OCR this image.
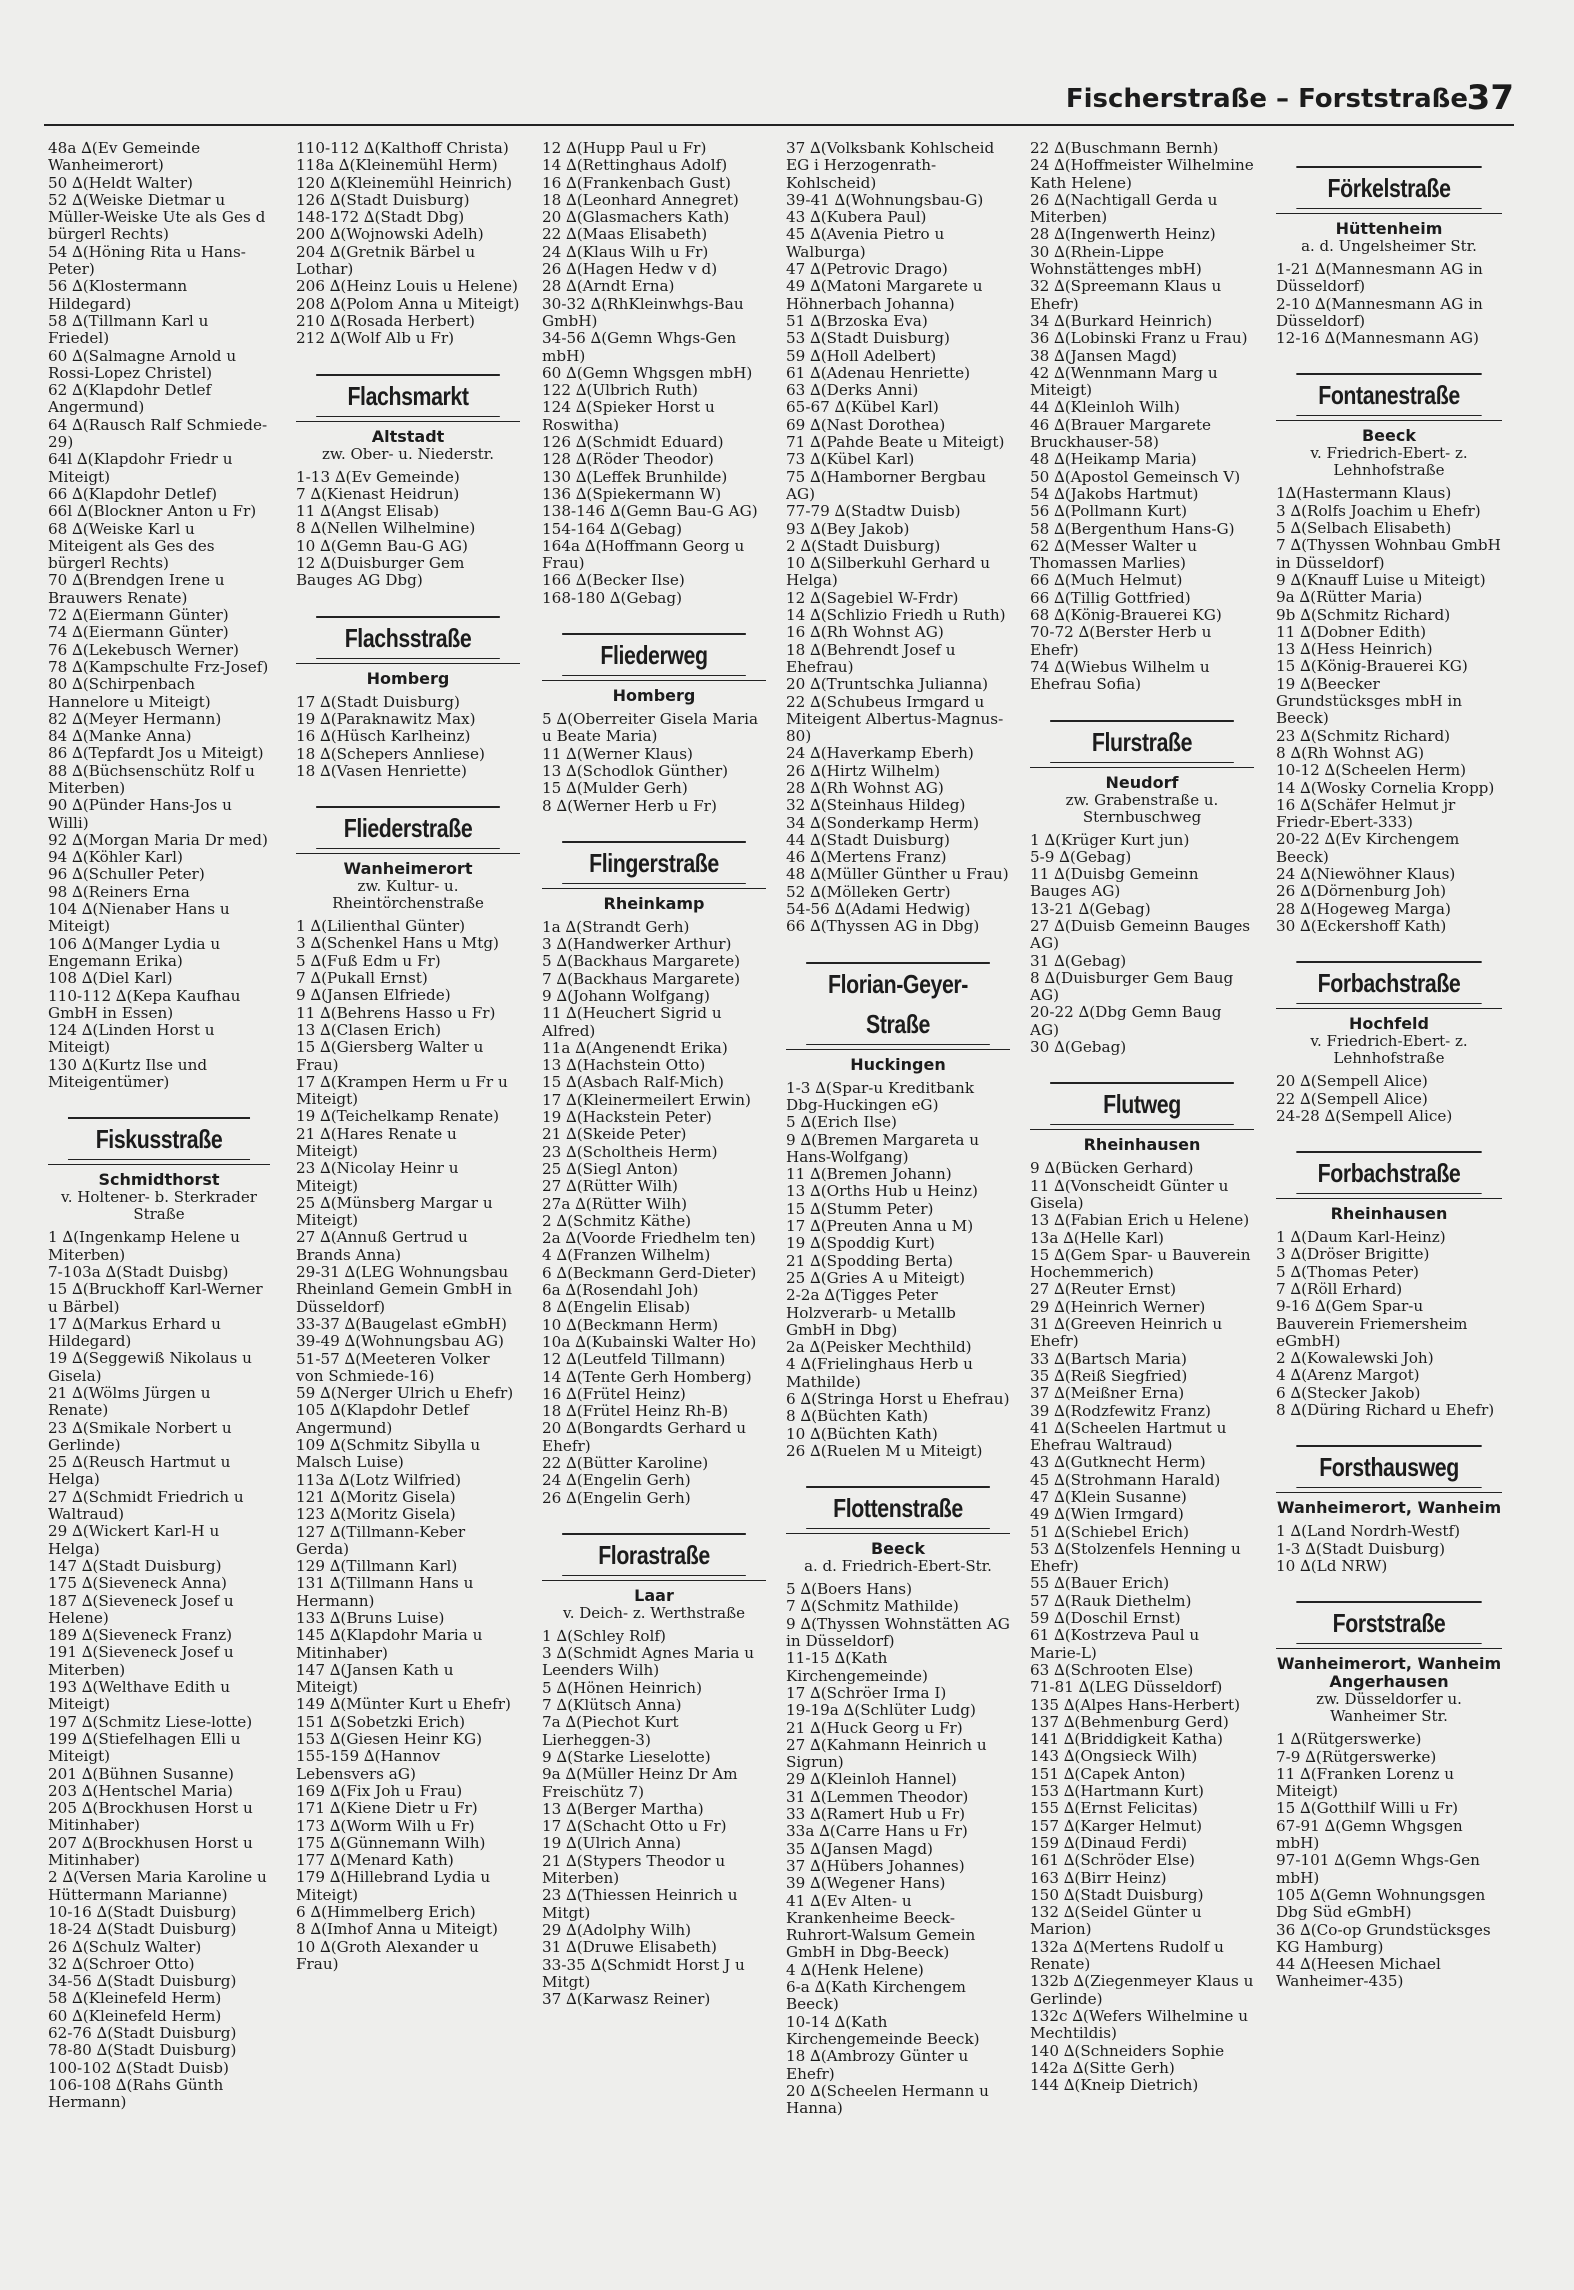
Fischerstraße – Forststraße
37

48a ∆(Ev Gemeinde Wanheimerort)

50 ∆(Heldt Walter)

52 ∆(Weiske Dietmar u Müller-Weiske Ute als Ges d bürgerl Rechts)

54 ∆(Höning Rita u Hans-Peter)

56 ∆(Klostermann Hildegard)

58 ∆(Tillmann Karl u Friedel)

60 ∆(Salmagne Arnold u Rossi-Lopez Christel)

62 ∆(Klapdohr Detlef Angermund)

64 ∆(Rausch Ralf Schmiede-29)

64l ∆(Klapdohr Friedr u Miteigt)

66 ∆(Klapdohr Detlef)

66l ∆(Blockner Anton u Fr)

68 ∆(Weiske Karl u Miteigent als Ges des bürgerl Rechts)

70 ∆(Brendgen Irene u Brauwers Renate)

72 ∆(Eiermann Günter)

74 ∆(Eiermann Günter)

76 ∆(Lekebusch Werner)

78 ∆(Kampschulte Frz-Josef)

80 ∆(Schirpenbach Hannelore u Miteigt)

82 ∆(Meyer Hermann)

84 ∆(Manke Anna)

86 ∆(Tepfardt Jos u Miteigt)

88 ∆(Büchsenschütz Rolf u Miterben)

90 ∆(Pünder Hans-Jos u Willi)

92 ∆(Morgan Maria Dr med)

94 ∆(Köhler Karl)

96 ∆(Schuller Peter)

98 ∆(Reiners Erna

104 ∆(Nienaber Hans u Miteigt)

106 ∆(Manger Lydia u Engemann Erika)

108 ∆(Diel Karl)

110-112 ∆(Kepa Kaufhau GmbH in Essen)

124 ∆(Linden Horst u Miteigt)

130 ∆(Kurtz Ilse und Miteigentümer)

Fiskusstraße
Schmidthorst
v. Holtener- b. Sterkrader Straße

1 ∆(Ingenkamp Helene u Miterben)

7-103a ∆(Stadt Duisbg)

15 ∆(Bruckhoff Karl-Werner u Bärbel)

17 ∆(Markus Erhard u Hildegard)

19 ∆(Seggewiß Nikolaus u Gisela)

21 ∆(Wölms Jürgen u Renate)

23 ∆(Smikale Norbert u Gerlinde)

25 ∆(Reusch Hartmut u Helga)

27 ∆(Schmidt Friedrich u Waltraud)

29 ∆(Wickert Karl-H u Helga)

147 ∆(Stadt Duisburg)

175 ∆(Sieveneck Anna)

187 ∆(Sieveneck Josef u Helene)

189 ∆(Sieveneck Franz)

191 ∆(Sieveneck Josef u Miterben)

193 ∆(Welthave Edith u Miteigt)

197 ∆(Schmitz Liese-lotte)

199 ∆(Stiefelhagen Elli u Miteigt)

201 ∆(Bühnen Susanne)

203 ∆(Hentschel Maria)

205 ∆(Brockhusen Horst u Mitinhaber)

207 ∆(Brockhusen Horst u Mitinhaber)

2 ∆(Versen Maria Karoline u Hüttermann Marianne)

10-16 ∆(Stadt Duisburg)

18-24 ∆(Stadt Duisburg)

26 ∆(Schulz Walter)

32 ∆(Schroer Otto)

34-56 ∆(Stadt Duisburg)

58 ∆(Kleinefeld Herm)

60 ∆(Kleinefeld Herm)

62-76 ∆(Stadt Duisburg)

78-80 ∆(Stadt Duisburg)

100-102 ∆(Stadt Duisb)

106-108 ∆(Rahs Günth Hermann)

110-112 ∆(Kalthoff Christa)

118a ∆(Kleinemühl Herm)

120 ∆(Kleinemühl Heinrich)

126 ∆(Stadt Duisburg)

148-172 ∆(Stadt Dbg)

200 ∆(Wojnowski Adelh)

204 ∆(Gretnik Bärbel u Lothar)

206 ∆(Heinz Louis u Helene)

208 ∆(Polom Anna u Miteigt)

210 ∆(Rosada Herbert)

212 ∆(Wolf Alb u Fr)

Flachsmarkt
Altstadt
zw. Ober- u. Niederstr.

1-13 ∆(Ev Gemeinde)

7 ∆(Kienast Heidrun)

11 ∆(Angst Elisab)

8 ∆(Nellen Wilhelmine)

10 ∆(Gemn Bau-G AG)

12 ∆(Duisburger Gem Bauges AG Dbg)

Flachsstraße
Homberg

17 ∆(Stadt Duisburg)

19 ∆(Paraknawitz Max)

16 ∆(Hüsch Karlheinz)

18 ∆(Schepers Annliese)

18 ∆(Vasen Henriette)

Fliederstraße
Wanheimerort
zw. Kultur- u. Rheintörchenstraße

1 ∆(Lilienthal Günter)

3 ∆(Schenkel Hans u Mtg)

5 ∆(Fuß Edm u Fr)

7 ∆(Pukall Ernst)

9 ∆(Jansen Elfriede)

11 ∆(Behrens Hasso u Fr)

13 ∆(Clasen Erich)

15 ∆(Giersberg Walter u Frau)

17 ∆(Krampen Herm u Fr u Miteigt)

19 ∆(Teichelkamp Renate)

21 ∆(Hares Renate u Miteigt)

23 ∆(Nicolay Heinr u Miteigt)

25 ∆(Münsberg Margar u Miteigt)

27 ∆(Annuß Gertrud u Brands Anna)

29-31 ∆(LEG Wohnungsbau Rheinland Gemein GmbH in Düsseldorf)

33-37 ∆(Baugelast eGmbH)

39-49 ∆(Wohnungsbau AG)

51-57 ∆(Meeteren Volker von Schmiede-16)

59 ∆(Nerger Ulrich u Ehefr)

105 ∆(Klapdohr Detlef Angermund)

109 ∆(Schmitz Sibylla u Malsch Luise)

113a ∆(Lotz Wilfried)

121 ∆(Moritz Gisela)

123 ∆(Moritz Gisela)

127 ∆(Tillmann-Keber Gerda)

129 ∆(Tillmann Karl)

131 ∆(Tillmann Hans u Hermann)

133 ∆(Bruns Luise)

145 ∆(Klapdohr Maria u Mitinhaber)

147 ∆(Jansen Kath u Miteigt)

149 ∆(Münter Kurt u Ehefr)

151 ∆(Sobetzki Erich)

153 ∆(Giesen Heinr KG)

155-159 ∆(Hannov Lebensvers aG)

169 ∆(Fix Joh u Frau)

171 ∆(Kiene Dietr u Fr)

173 ∆(Worm Wilh u Fr)

175 ∆(Günnemann Wilh)

177 ∆(Menard Kath)

179 ∆(Hillebrand Lydia u Miteigt)

6 ∆(Himmelberg Erich)

8 ∆(Imhof Anna u Miteigt)

10 ∆(Groth Alexander u Frau)

12 ∆(Hupp Paul u Fr)

14 ∆(Rettinghaus Adolf)

16 ∆(Frankenbach Gust)

18 ∆(Leonhard Annegret)

20 ∆(Glasmachers Kath)

22 ∆(Maas Elisabeth)

24 ∆(Klaus Wilh u Fr)

26 ∆(Hagen Hedw v d)

28 ∆(Arndt Erna)

30-32 ∆(RhKleinwhgs-Bau GmbH)

34-56 ∆(Gemn Whgs-Gen mbH)

60 ∆(Gemn Whgsgen mbH)

122 ∆(Ulbrich Ruth)

124 ∆(Spieker Horst u Roswitha)

126 ∆(Schmidt Eduard)

128 ∆(Röder Theodor)

130 ∆(Leffek Brunhilde)

136 ∆(Spiekermann W)

138-146 ∆(Gemn Bau-G AG)

154-164 ∆(Gebag)

164a ∆(Hoffmann Georg u Frau)

166 ∆(Becker Ilse)

168-180 ∆(Gebag)

Fliederweg
Homberg

5 ∆(Oberreiter Gisela Maria u Beate Maria)

11 ∆(Werner Klaus)

13 ∆(Schodlok Günther)

15 ∆(Mulder Gerh)

8 ∆(Werner Herb u Fr)

Flingerstraße
Rheinkamp

1a ∆(Strandt Gerh)

3 ∆(Handwerker Arthur)

5 ∆(Backhaus Margarete)

7 ∆(Backhaus Margarete)

9 ∆(Johann Wolfgang)

11 ∆(Heuchert Sigrid u Alfred)

11a ∆(Angenendt Erika)

13 ∆(Hachstein Otto)

15 ∆(Asbach Ralf-Mich)

17 ∆(Kleinermeilert Erwin)

19 ∆(Hackstein Peter)

21 ∆(Skeide Peter)

23 ∆(Scholtheis Herm)

25 ∆(Siegl Anton)

27 ∆(Rütter Wilh)

27a ∆(Rütter Wilh)

2 ∆(Schmitz Käthe)

2a ∆(Voorde Friedhelm ten)

4 ∆(Franzen Wilhelm)

6 ∆(Beckmann Gerd-Dieter)

6a ∆(Rosendahl Joh)

8 ∆(Engelin Elisab)

10 ∆(Beckmann Herm)

10a ∆(Kubainski Walter Ho)

12 ∆(Leutfeld Tillmann)

14 ∆(Tente Gerh Homberg)

16 ∆(Frütel Heinz)

18 ∆(Frütel Heinz Rh-B)

20 ∆(Bongardts Gerhard u Ehefr)

22 ∆(Bütter Karoline)

24 ∆(Engelin Gerh)

26 ∆(Engelin Gerh)

Florastraße
Laar
v. Deich- z. Werthstraße

1 ∆(Schley Rolf)

3 ∆(Schmidt Agnes Maria u Leenders Wilh)

5 ∆(Hönen Heinrich)

7 ∆(Klütsch Anna)

7a ∆(Piechot Kurt Lierheggen-3)

9 ∆(Starke Lieselotte)

9a ∆(Müller Heinz Dr Am Freischütz 7)

13 ∆(Berger Martha)

17 ∆(Schacht Otto u Fr)

19 ∆(Ulrich Anna)

21 ∆(Stypers Theodor u Miterben)

23 ∆(Thiessen Heinrich u Mitgt)

29 ∆(Adolphy Wilh)

31 ∆(Druwe Elisabeth)

33-35 ∆(Schmidt Horst J u Mitgt)

37 ∆(Karwasz Reiner)

37 ∆(Volksbank Kohlscheid EG i Herzogenrath-Kohlscheid)

39-41 ∆(Wohnungsbau-G)

43 ∆(Kubera Paul)

45 ∆(Avenia Pietro u Walburga)

47 ∆(Petrovic Drago)

49 ∆(Matoni Margarete u Höhnerbach Johanna)

51 ∆(Brzoska Eva)

53 ∆(Stadt Duisburg)

59 ∆(Holl Adelbert)

61 ∆(Adenau Henriette)

63 ∆(Derks Anni)

65-67 ∆(Kübel Karl)

69 ∆(Nast Dorothea)

71 ∆(Pahde Beate u Miteigt)

73 ∆(Kübel Karl)

75 ∆(Hamborner Bergbau AG)

77-79 ∆(Stadtw Duisb)

93 ∆(Bey Jakob)

2 ∆(Stadt Duisburg)

10 ∆(Silberkuhl Gerhard u Helga)

12 ∆(Sagebiel W-Frdr)

14 ∆(Schlizio Friedh u Ruth)

16 ∆(Rh Wohnst AG)

18 ∆(Behrendt Josef u Ehefrau)

20 ∆(Truntschka Julianna)

22 ∆(Schubeus Irmgard u Miteigent Albertus-Magnus-80)

24 ∆(Haverkamp Eberh)

26 ∆(Hirtz Wilhelm)

28 ∆(Rh Wohnst AG)

32 ∆(Steinhaus Hildeg)

34 ∆(Sonderkamp Herm)

44 ∆(Stadt Duisburg)

46 ∆(Mertens Franz)

48 ∆(Müller Günther u Frau)

52 ∆(Mölleken Gertr)

54-56 ∆(Adami Hedwig)

66 ∆(Thyssen AG in Dbg)

Florian-Geyer-Straße
Huckingen

1-3 ∆(Spar-u Kreditbank Dbg-Huckingen eG)

5 ∆(Erich Ilse)

9 ∆(Bremen Margareta u Hans-Wolfgang)

11 ∆(Bremen Johann)

13 ∆(Orths Hub u Heinz)

15 ∆(Stumm Peter)

17 ∆(Preuten Anna u M)

19 ∆(Spoddig Kurt)

21 ∆(Spodding Berta)

25 ∆(Gries A u Miteigt)

2-2a ∆(Tigges Peter Holzverarb- u Metallb GmbH in Dbg)

2a ∆(Peisker Mechthild)

4 ∆(Frielinghaus Herb u Mathilde)

6 ∆(Stringa Horst u Ehefrau)

8 ∆(Büchten Kath)

10 ∆(Büchten Kath)

26 ∆(Ruelen M u Miteigt)

Flottenstraße
Beeck
a. d. Friedrich-Ebert-Str.

5 ∆(Boers Hans)

7 ∆(Schmitz Mathilde)

9 ∆(Thyssen Wohnstätten AG in Düsseldorf)

11-15 ∆(Kath Kirchengemeinde)

17 ∆(Schröer Irma I)

19-19a ∆(Schlüter Ludg)

21 ∆(Huck Georg u Fr)

27 ∆(Kahmann Heinrich u Sigrun)

29 ∆(Kleinloh Hannel)

31 ∆(Lemmen Theodor)

33 ∆(Ramert Hub u Fr)

33a ∆(Carre Hans u Fr)

35 ∆(Jansen Magd)

37 ∆(Hübers Johannes)

39 ∆(Wegener Hans)

41 ∆(Ev Alten- u Krankenheime Beeck-Ruhrort-Walsum Gemein GmbH in Dbg-Beeck)

4 ∆(Henk Helene)

6-a ∆(Kath Kirchengem Beeck)

10-14 ∆(Kath Kirchengemeinde Beeck)

18 ∆(Ambrozy Günter u Ehefr)

20 ∆(Scheelen Hermann u Hanna)

22 ∆(Buschmann Bernh)

24 ∆(Hoffmeister Wilhelmine Kath Helene)

26 ∆(Nachtigall Gerda u Miterben)

28 ∆(Ingenwerth Heinz)

30 ∆(Rhein-Lippe Wohnstättenges mbH)

32 ∆(Spreemann Klaus u Ehefr)

34 ∆(Burkard Heinrich)

36 ∆(Lobinski Franz u Frau)

38 ∆(Jansen Magd)

42 ∆(Wennmann Marg u Miteigt)

44 ∆(Kleinloh Wilh)

46 ∆(Brauer Margarete Bruckhauser-58)

48 ∆(Heikamp Maria)

50 ∆(Apostol Gemeinsch V)

54 ∆(Jakobs Hartmut)

56 ∆(Pollmann Kurt)

58 ∆(Bergenthum Hans-G)

62 ∆(Messer Walter u Thomassen Marlies)

66 ∆(Much Helmut)

66 ∆(Tillig Gottfried)

68 ∆(König-Brauerei KG)

70-72 ∆(Berster Herb u Ehefr)

74 ∆(Wiebus Wilhelm u Ehefrau Sofia)

Flurstraße
Neudorf
zw. Grabenstraße u. Sternbuschweg

1 ∆(Krüger Kurt jun)

5-9 ∆(Gebag)

11 ∆(Duisbg Gemeinn Bauges AG)

13-21 ∆(Gebag)

27 ∆(Duisb Gemeinn Bauges AG)

31 ∆(Gebag)

8 ∆(Duisburger Gem Baug AG)

20-22 ∆(Dbg Gemn Baug AG)

30 ∆(Gebag)

Flutweg
Rheinhausen

9 ∆(Bücken Gerhard)

11 ∆(Vonscheidt Günter u Gisela)

13 ∆(Fabian Erich u Helene)

13a ∆(Helle Karl)

15 ∆(Gem Spar- u Bauverein Hochemmerich)

27 ∆(Reuter Ernst)

29 ∆(Heinrich Werner)

31 ∆(Greeven Heinrich u Ehefr)

33 ∆(Bartsch Maria)

35 ∆(Reiß Siegfried)

37 ∆(Meißner Erna)

39 ∆(Rodzfewitz Franz)

41 ∆(Scheelen Hartmut u Ehefrau Waltraud)

43 ∆(Gutknecht Herm)

45 ∆(Strohmann Harald)

47 ∆(Klein Susanne)

49 ∆(Wien Irmgard)

51 ∆(Schiebel Erich)

53 ∆(Stolzenfels Henning u Ehefr)

55 ∆(Bauer Erich)

57 ∆(Rauk Diethelm)

59 ∆(Doschil Ernst)

61 ∆(Kostrzeva Paul u Marie-L)

63 ∆(Schrooten Else)

71-81 ∆(LEG Düsseldorf)

135 ∆(Alpes Hans-Herbert)

137 ∆(Behmenburg Gerd)

141 ∆(Briddigkeit Katha)

143 ∆(Ongsieck Wilh)

151 ∆(Capek Anton)

153 ∆(Hartmann Kurt)

155 ∆(Ernst Felicitas)

157 ∆(Karger Helmut)

159 ∆(Dinaud Ferdi)

161 ∆(Schröder Else)

163 ∆(Birr Heinz)

150 ∆(Stadt Duisburg)

132 ∆(Seidel Günter u Marion)

132a ∆(Mertens Rudolf u Renate)

132b ∆(Ziegenmeyer Klaus u Gerlinde)

132c ∆(Wefers Wilhelmine u Mechtildis)

140 ∆(Schneiders Sophie

142a ∆(Sitte Gerh)

144 ∆(Kneip Dietrich)

Förkelstraße
Hüttenheim
a. d. Ungelsheimer Str.

1-21 ∆(Mannesmann AG in Düsseldorf)

2-10 ∆(Mannesmann AG in Düsseldorf)

12-16 ∆(Mannesmann AG)

Fontanestraße
Beeck
v. Friedrich-Ebert- z. Lehnhofstraße

1∆(Hastermann Klaus)

3 ∆(Rolfs Joachim u Ehefr)

5 ∆(Selbach Elisabeth)

7 ∆(Thyssen Wohnbau GmbH in Düsseldorf)

9 ∆(Knauff Luise u Miteigt)

9a ∆(Rütter Maria)

9b ∆(Schmitz Richard)

11 ∆(Dobner Edith)

13 ∆(Hess Heinrich)

15 ∆(König-Brauerei KG)

19 ∆(Beecker Grundstücksges mbH in Beeck)

23 ∆(Schmitz Richard)

8 ∆(Rh Wohnst AG)

10-12 ∆(Scheelen Herm)

14 ∆(Wosky Cornelia Kropp)

16 ∆(Schäfer Helmut jr Friedr-Ebert-333)

20-22 ∆(Ev Kirchengem Beeck)

24 ∆(Niewöhner Klaus)

26 ∆(Dörnenburg Joh)

28 ∆(Hogeweg Marga)

30 ∆(Eckershoff Kath)

Forbachstraße
Hochfeld
v. Friedrich-Ebert- z. Lehnhofstraße

20 ∆(Sempell Alice)

22 ∆(Sempell Alice)

24-28 ∆(Sempell Alice)

Forbachstraße
Rheinhausen

1 ∆(Daum Karl-Heinz)

3 ∆(Dröser Brigitte)

5 ∆(Thomas Peter)

7 ∆(Röll Erhard)

9-16 ∆(Gem Spar-u Bauverein Friemersheim eGmbH)

2 ∆(Kowalewski Joh)

4 ∆(Arenz Margot)

6 ∆(Stecker Jakob)

8 ∆(Düring Richard u Ehefr)

Forsthausweg
Wanheimerort, Wanheim

1 ∆(Land Nordrh-Westf)

1-3 ∆(Stadt Duisburg)

10 ∆(Ld NRW)

Forststraße
Wanheimerort, Wanheim Angerhausen
zw. Düsseldorfer u. Wanheimer Str.

1 ∆(Rütgerswerke)

7-9 ∆(Rütgerswerke)

11 ∆(Franken Lorenz u Miteigt)

15 ∆(Gotthilf Willi u Fr)

67-91 ∆(Gemn Whgsgen mbH)

97-101 ∆(Gemn Whgs-Gen mbH)

105 ∆(Gemn Wohnungsgen Dbg Süd eGmbH)

36 ∆(Co-op Grundstücksges KG Hamburg)

44 ∆(Heesen Michael Wanheimer-435)
